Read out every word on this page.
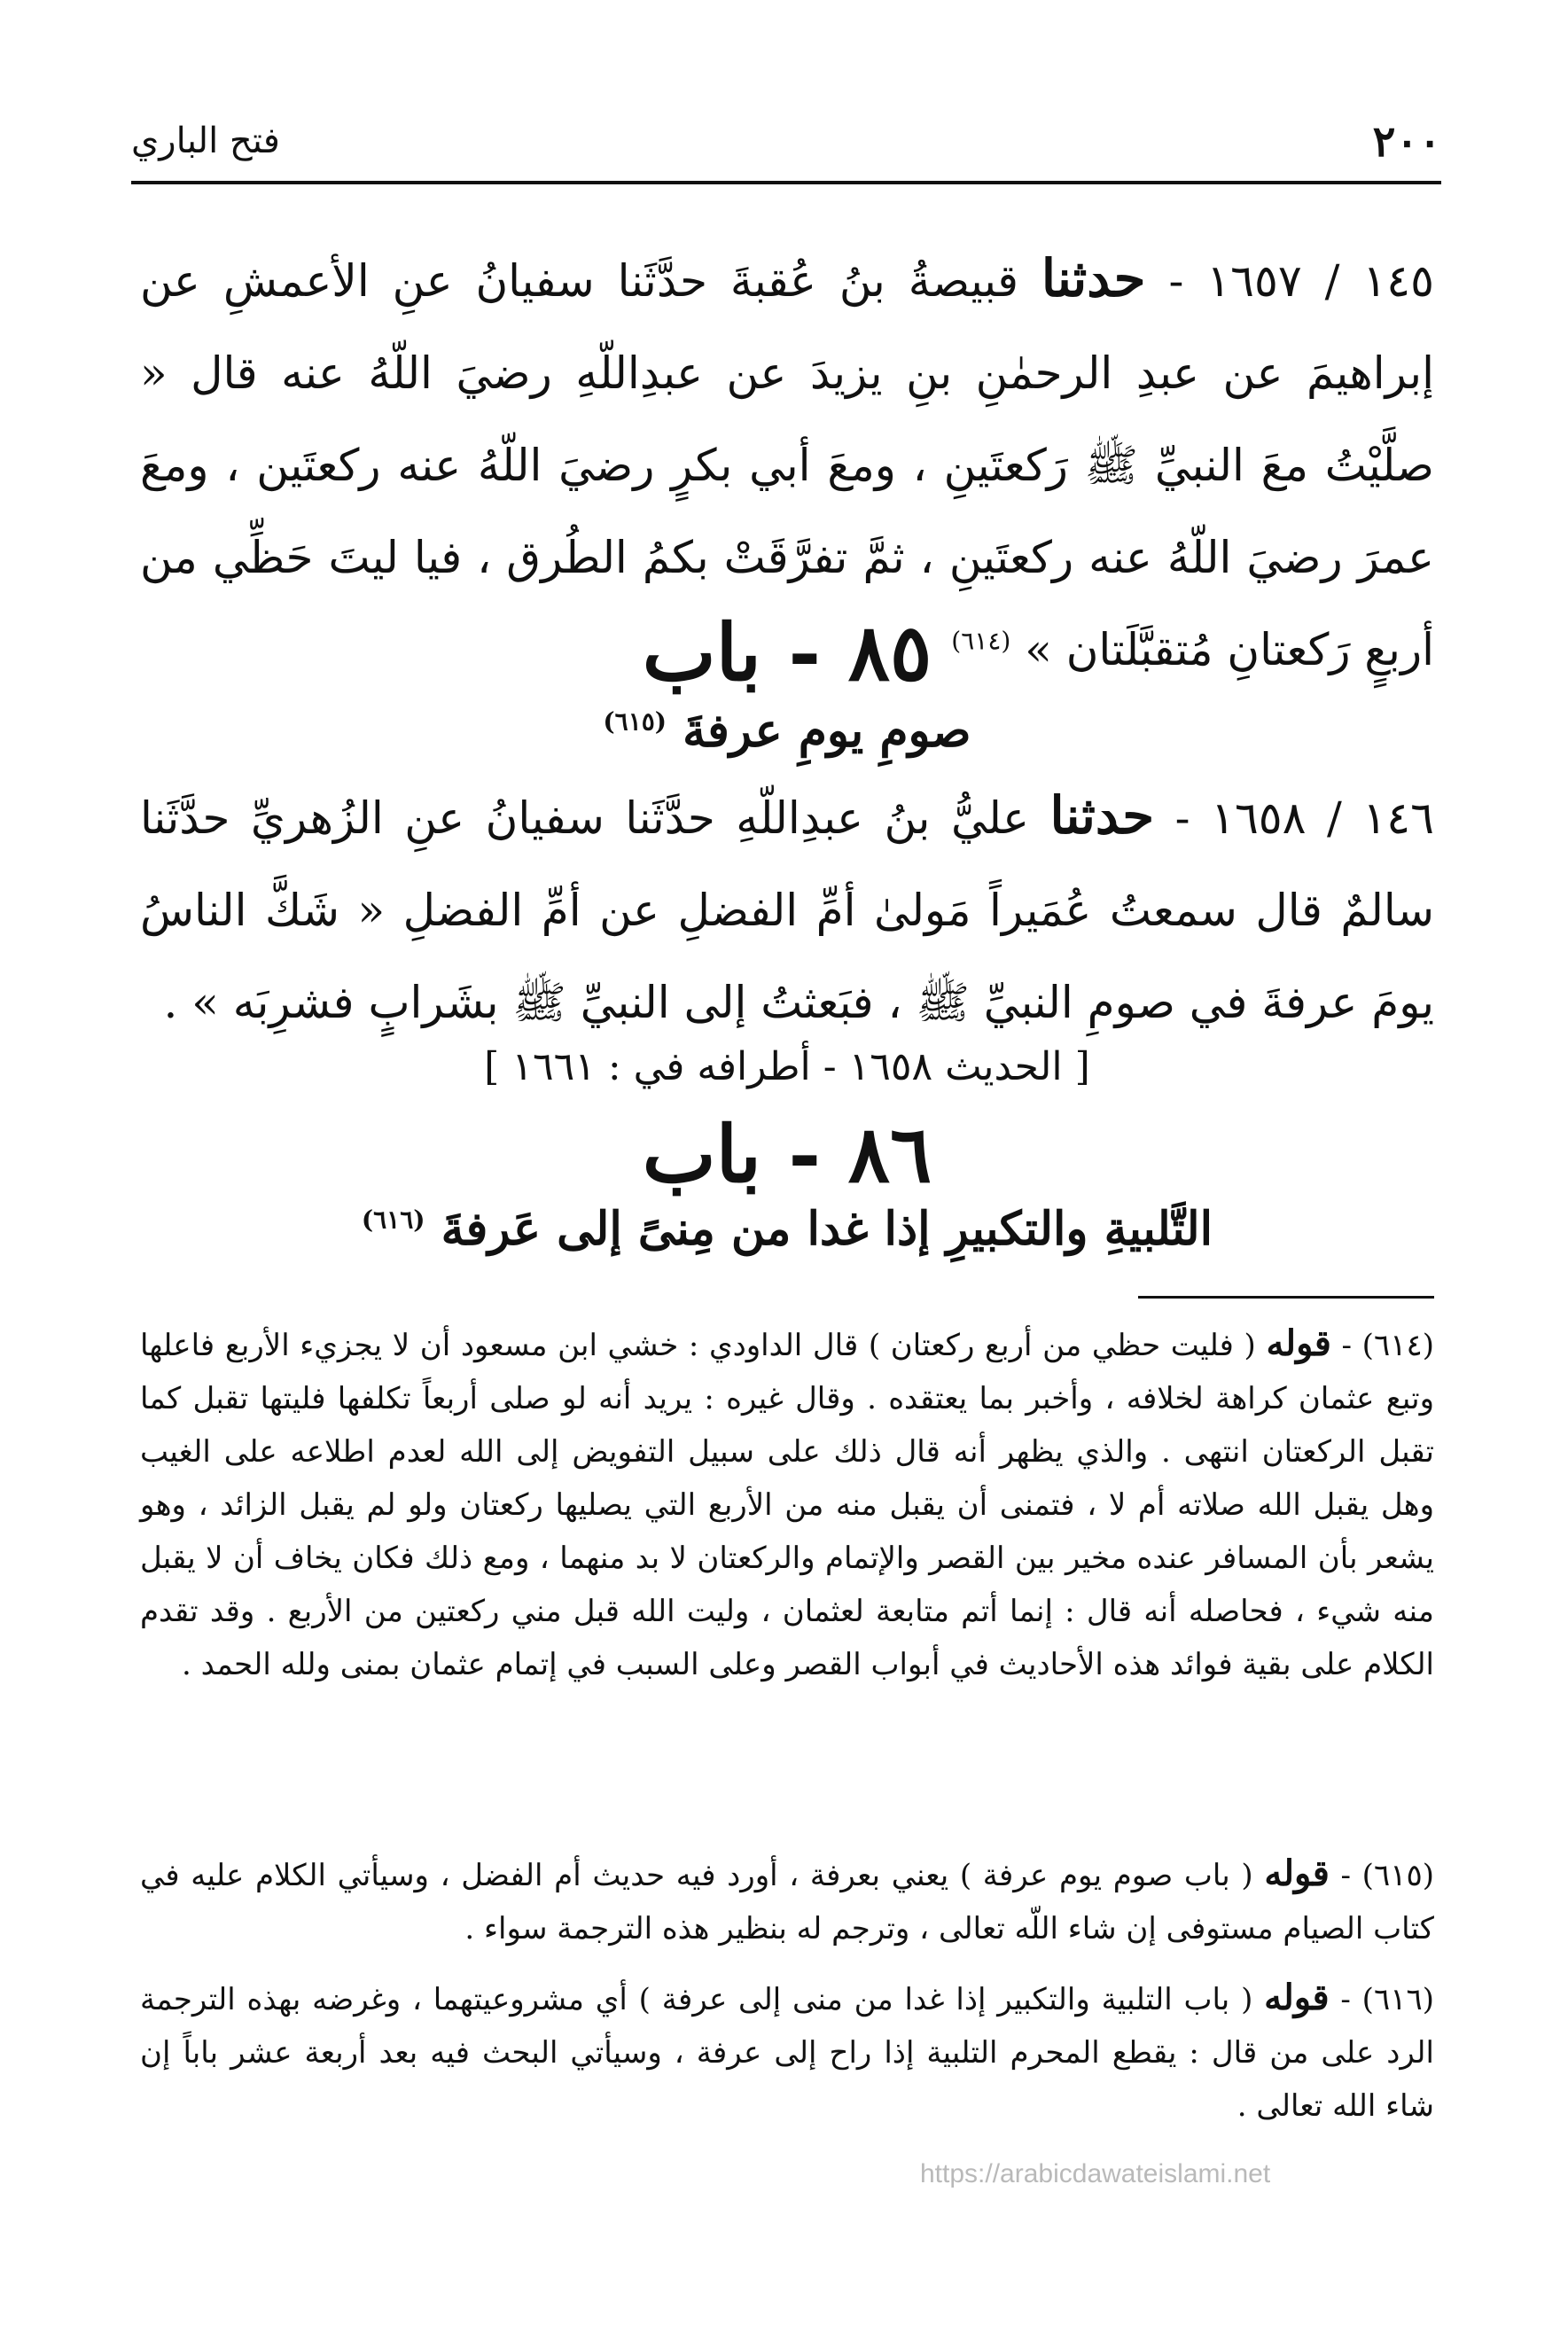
٢٠٠
فتح الباري
١٤٥ / ١٦٥٧ - حدثنا قبيصةُ بنُ عُقبةَ حدَّثَنا سفيانُ عنِ الأعمشِ عن إبراهيمَ عن عبدِ الرحمٰنِ بنِ يزيدَ عن عبدِاللّهِ رضيَ اللّهُ عنه قال « صلَّيْتُ معَ النبيِّ ﷺ رَكعتَينِ ، ومعَ أبي بكرٍ رضيَ اللّهُ عنه ركعتَين ، ومعَ عمرَ رضيَ اللّهُ عنه ركعتَينِ ، ثمَّ تفرَّقَتْ بكمُ الطُرق ، فيا ليتَ حَظِّي من أربعٍ رَكعتانِ مُتقبَّلَتان » $^{(٦١٤)}$
٨٥ - باب
صومِ يومِ عرفةَ $^{(٦١٥)}$
١٤٦ / ١٦٥٨ - حدثنا عليُّ بنُ عبدِاللّهِ حدَّثَنا سفيانُ عنِ الزُهريِّ حدَّثَنا سالمٌ قال سمعتُ عُمَيراً مَولىٰ أمِّ الفضلِ عن أمِّ الفضلِ « شَكَّ الناسُ يومَ عرفةَ في صومِ النبيِّ ﷺ ، فبَعثتُ إلى النبيِّ ﷺ بشَرابٍ فشرِبَه » .
[ الحديث ١٦٥٨ - أطرافه في : ١٦٦١ ]
٨٦ - باب
التَّلبيةِ والتكبيرِ إذا غدا من مِنىً إلى عَرفةَ $^{(٦١٦)}$
(٦١٤) - قوله ( فليت حظي من أربع ركعتان ) قال الداودي : خشي ابن مسعود أن لا يجزيء الأربع فاعلها وتبع عثمان كراهة لخلافه ، وأخبر بما يعتقده . وقال غيره : يريد أنه لو صلى أربعاً تكلفها فليتها تقبل كما تقبل الركعتان انتهى . والذي يظهر أنه قال ذلك على سبيل التفويض إلى الله لعدم اطلاعه على الغيب وهل يقبل الله صلاته أم لا ، فتمنى أن يقبل منه من الأربع التي يصليها ركعتان ولو لم يقبل الزائد ، وهو يشعر بأن المسافر عنده مخير بين القصر والإتمام والركعتان لا بد منهما ، ومع ذلك فكان يخاف أن لا يقبل منه شيء ، فحاصله أنه قال : إنما أتم متابعة لعثمان ، وليت الله قبل مني ركعتين من الأربع . وقد تقدم الكلام على بقية فوائد هذه الأحاديث في أبواب القصر وعلى السبب في إتمام عثمان بمنى ولله الحمد .
(٦١٥) - قوله ( باب صوم يوم عرفة ) يعني بعرفة ، أورد فيه حديث أم الفضل ، وسيأتي الكلام عليه في كتاب الصيام مستوفى إن شاء اللّه تعالى ، وترجم له بنظير هذه الترجمة سواء .
(٦١٦) - قوله ( باب التلبية والتكبير إذا غدا من منى إلى عرفة ) أي مشروعيتهما ، وغرضه بهذه الترجمة الرد على من قال : يقطع المحرم التلبية إذا راح إلى عرفة ، وسيأتي البحث فيه بعد أربعة عشر باباً إن شاء الله تعالى .
https://arabicdawateislami.net
